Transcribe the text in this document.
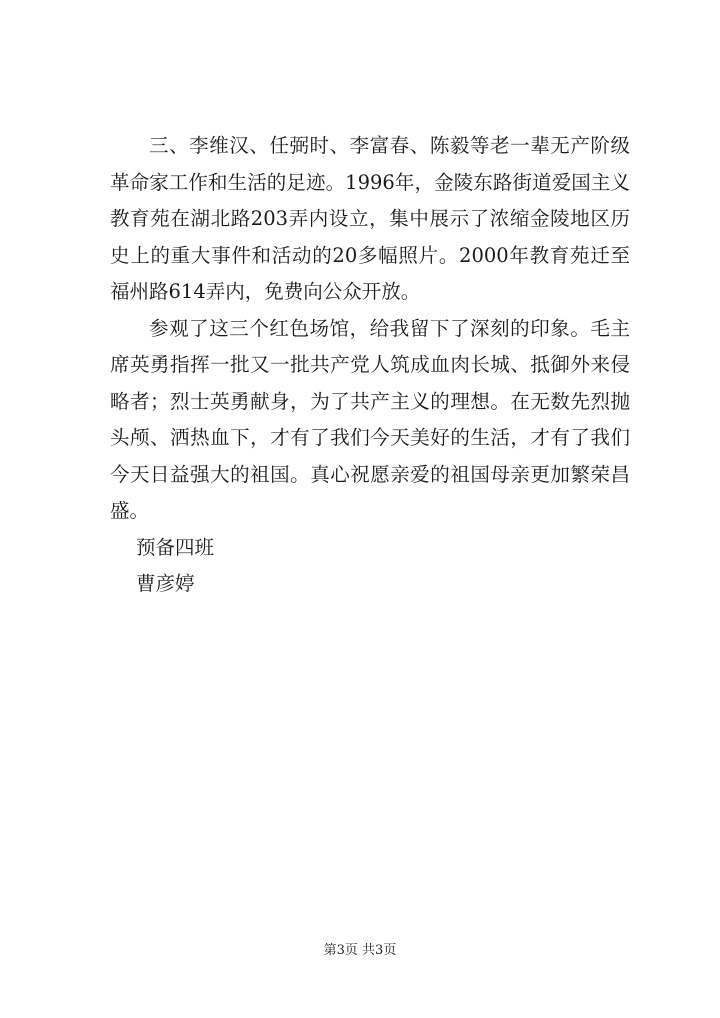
三、李维汉、任弼时、李富春、陈毅等老一辈无产阶级革命家工作和生活的足迹。1996年，金陵东路街道爱国主义教育苑在湖北路203弄内设立，集中展示了浓缩金陵地区历史上的重大事件和活动的20多幅照片。2000年教育苑迁至福州路614弄内，免费向公众开放。

参观了这三个红色场馆，给我留下了深刻的印象。毛主席英勇指挥一批又一批共产党人筑成血肉长城、抵御外来侵略者；烈士英勇献身，为了共产主义的理想。在无数先烈抛头颅、洒热血下，才有了我们今天美好的生活，才有了我们今天日益强大的祖国。真心祝愿亲爱的祖国母亲更加繁荣昌盛。

预备四班

曹彦婷

第3页 共3页
